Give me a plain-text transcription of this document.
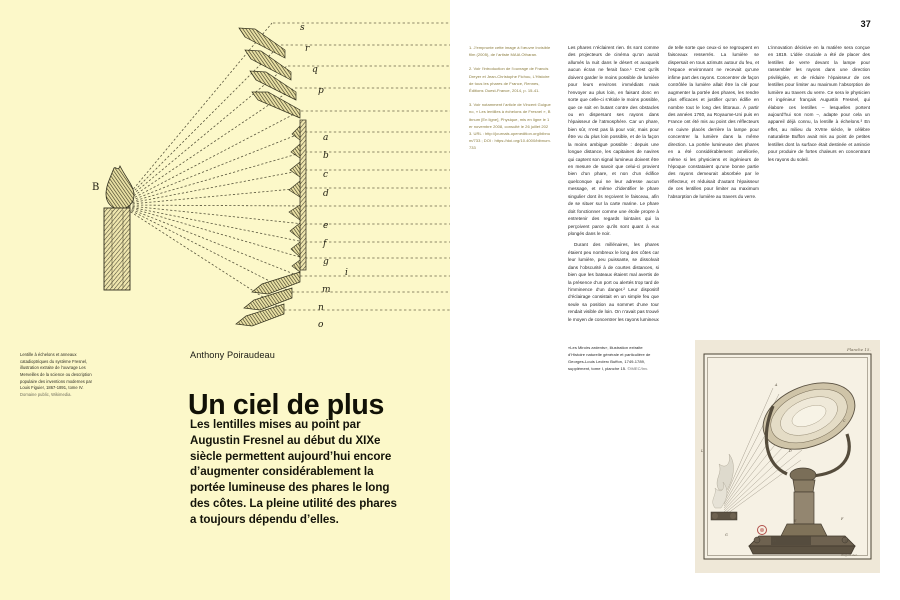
s
r
q
p
a
b
c
d
e
f
g
i
m
n
o
B
Lentille à échelons et anneaux catadioptriques du système Fresnel, illustration extraite de l’ouvrage Les Merveilles de la science ou description populaire des inventions modernes par Louis Figuier, 1867-1891, tome IV. Domaine public, Wikimedia.
Anthony Poiraudeau
Un ciel de plus
Les lentilles mises au point par Augustin Fresnel au début du XIXe siècle permettent aujourd’hui encore d’augmenter considérablement la portée lumineuse des phares le long des côtes. La pleine utilité des phares a toujours dépendu d’elles.
37
1. J’emprunte cette image à l’œuvre Invisible film (2005), de l’artiste MAIA Otharan.
2. Voir l’introduction de l’ouvrage de Francis Dreyer et Jean-Christophe Fichou, L’Histoire de tous les phares de France, Rennes, Éditions Ouest-France, 2014, p. 15-41.
3. Voir notamment l’article de Vincent Guigueno, « Les lentilles à échelons de Fresnel », Bibnum [En ligne], Physique, mis en ligne le 1er novembre 2008, consulté le 26 juillet 2023. URL : http://journals.openedition.org/bibnum/733 ; DOI : https://doi.org/10.4000/bibnum.733

Les phares n’éclairent rien. Ils sont comme des projecteurs de cinéma qu’on aurait allumés la nuit dans le désert et auxquels aucun écran ne ferait face.¹ C’est qu’ils doivent garder le moins possible de lumière pour leurs environs immédiats mais l’envoyer au plus loin, en faisant donc en sorte que celle-ci s’étiole le moins possible, que ce soit en butant contre des obstacles ou en dispersant ses rayons dans l’épaisseur de l’atmosphère. Car un phare, bien sûr, n’est pas là pour voir, mais pour être vu du plus loin possible, et de la façon la moins ambiguë possible : depuis une longue distance, les capitaines de navires qui captent son signal lumineux doivent être en mesure de savoir que celui-ci provient bien d’un phare, et non d’un édifice quelconque qui ne leur adresse aucun message, et même d’identifier le phare singulier dont ils reçoivent le faisceau, afin de se situer sur la carte marine. Le phare doit fonctionner comme une étoile propre à entretenir des regards lointains qui la perçoivent parce qu’ils sont quant à eux plongés dans le noir.

Durant des millénaires, les phares étaient peu nombreux le long des côtes car leur lumière, peu puissante, se dissolvait dans l’obscurité à de courtes distances, si bien que les bateaux étaient mal avertis de la présence d’un port ou alertés trop tard de l’imminence d’un danger.² Leur dispositif d’éclairage consistait en un simple feu que seule sa position au sommet d’une tour rendait visible de loin. On n’avait pas trouvé le moyen de concentrer les rayons lumineux

de telle sorte que ceux-ci se regroupent en faisceaux resserrés. La lumière se dispersait en tous azimuts autour du feu, et l’espace environnant ne recevait qu’une infime part des rayons. Concentrer de façon contrôlée la lumière allait être la clé pour augmenter la portée des phares, les rendre plus efficaces et justifier qu’on édifie en nombre tout le long des littoraux. À partir des années 1760, au Royaume-Uni puis en France ont été mis au point des réflecteurs en cuivre placés derrière la lampe pour concentrer la lumière dans la même direction. La portée lumineuse des phares en a été considérablement améliorée, même si les physiciens et ingénieurs de l’époque constataient qu’une bonne partie des rayons demeurait absorbée par le réflecteur, et réduisait d’autant l’épaisseur de ces lentilles pour limiter au maximum l’absorption de lumière au travers du verre.

L’innovation décisive en la matière sera conçue en 1819. L’idée cruciale a été de placer des lentilles de verre devant la lampe pour rassembler les rayons dans une direction privilégiée, et de réduire l’épaisseur de ces lentilles pour limiter au maximum l’absorption de lumière au travers du verre. Ce sera le physicien et ingénieur français Augustin Fresnel, qui élabore ces lentilles – lesquelles portent aujourd’hui son nom –, adapte pour cela un appareil déjà connu, la lentille à échelons.³ En effet, au milieu du XVIIIe siècle, le célèbre naturaliste Buffon avait mis au point de petites lentilles dont la surface était destinée et amincie pour produire de fortes chaleurs en concentrant les rayons du soleil.

«Les Miroirs ardents», illustration extraite d’Histoire naturelle générale et particulière de Georges-Louis Leclerc Buffon, 1749-1789, supplément, tome I, planche 15. ©IMEC/Inv.
Planche 15.
A
C
B
D
E	F
G
H
I
K
L
Buffon del.
